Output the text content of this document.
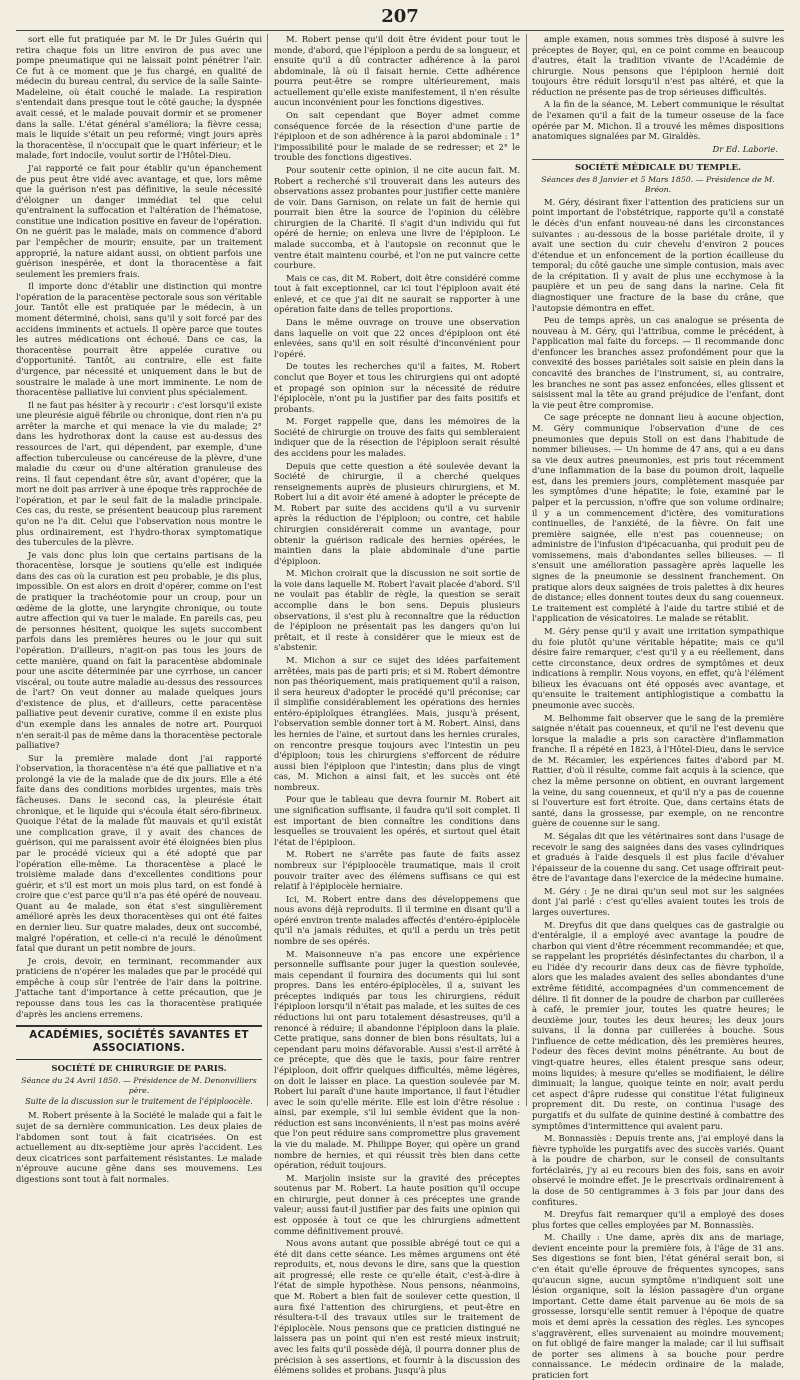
207

sort elle fut pratiquée par M. le Dr Jules Guérin qui retira chaque fois un litre environ de pus avec une pompe pneumatique qui ne laissait point pénétrer l'air. Ce fut à ce moment que je fus chargé, en qualité de médecin du bureau central, du service de la salle Sainte-Madeleine, où était couché le malade. La respiration s'entendait dans presque tout le côté gauche; la dyspnée avait cessé, et le malade pouvait dormir et se promener dans la salle. L'état général s'améliora; la fièvre cessa; mais le liquide s'était un peu reformé; vingt jours après la thoracentèse, il n'occupait que le quart inférieur; et le malade, fort indocile, voulut sortir de l'Hôtel-Dieu.

J'ai rapporté ce fait pour établir qu'un épanchement de pus peut être vidé avec avantage, et que, lors même que la guérison n'est pas définitive, la seule nécessité d'éloigner un danger immédiat tel que celui qu'entrainent la suffocation et l'altération de l'hématose, constitue une indication positive en faveur de l'opération. On ne guérit pas le malade, mais on commence d'abord par l'empêcher de mourir; ensuite, par un traitement approprié, la nature aidant aussi, on obtient parfois une guérison inespérée, et dont la thoracentèse a fait seulement les premiers frais.

Il importe donc d'établir une distinction qui montre l'opération de la paracentèse pectorale sous son véritable jour. Tantôt elle est pratiquée par le médecin, à un moment déterminé, choisi, sans qu'il y soit forcé par des accidens imminents et actuels. Il opère parce que toutes les autres médications ont échoué. Dans ce cas, la thoracentèse pourrait être appelée curative ou d'opportunité. Tantôt, au contraire, elle est faite d'urgence, par nécessité et uniquement dans le but de soustraire le malade à une mort imminente. Le nom de thoracentèse palliative lui convient plus spécialement.

Il ne faut pas hésiter à y recourir : c'est lorsqu'il existe une pleurésie aiguë fébrile ou chronique, dont rien n'a pu arrêter la marche et qui menace la vie du malade; 2° dans les hydrothorax dont la cause est au-dessus des ressources de l'art, qui dépendent, par exemple, d'une affection tuberculeuse ou cancéreuse de la plèvre, d'une maladie du cœur ou d'une altération granuleuse des reins. Il faut cependant être sûr, avant d'opérer, que la mort ne doit pas arriver à une époque très rapprochée de l'opération, et par le seul fait de la maladie principale. Ces cas, du reste, se présentent beaucoup plus rarement qu'on ne l'a dit. Celui que l'observation nous montre le plus ordinairement, est l'hydro-thorax symptomatique des tubercules de la plèvre.

Je vais donc plus loin que certains partisans de la thoracentèse, lorsque je soutiens qu'elle est indiquée dans des cas où la curation est peu probable, je dis plus, impossible. On est alors en droit d'opérer, comme on l'est de pratiquer la trachéotomie pour un croup, pour un œdème de la glotte, une laryngite chronique, ou toute autre affection qui va tuer le malade. En pareils cas, peu de personnes hésitent, quoique les sujets succombent parfois dans les premières heures ou le jour qui suit l'opération. D'ailleurs, n'agit-on pas tous les jours de cette manière, quand on fait la paracentèse abdominale pour une ascite déterminée par une cyrrhose, un cancer viscéral, ou toute autre maladie au-dessus des ressources de l'art? On veut donner au malade quelques jours d'existence de plus, et d'ailleurs, cette paracentèse palliative peut devenir curative, comme il en existe plus d'un exemple dans les annales de notre art. Pourquoi n'en serait-il pas de même dans la thoracentèse pectorale palliative?

Sur la première malade dont j'ai rapporté l'observation, la thoracentèse n'a été que palliative et n'a prolongé la vie de la malade que de dix jours. Elle a été faite dans des conditions morbides urgentes, mais très fâcheuses. Dans le second cas, la pleurésie était chronique, et le liquide qui s'écoula était séro-fibrineux. Quoique l'état de la malade fût mauvais et qu'il existât une complication grave, il y avait des chances de guérison, qui me paraissent avoir été éloignées bien plus par le procédé vicieux qui a été adopté que par l'opération elle-même. La thoracentèse a placé le troisième malade dans d'excellentes conditions pour guérir, et s'il est mort un mois plus tard, on est fondé à croire que c'est parce qu'il n'a pas été opéré de nouveau. Quant au 4e malade, son état s'est singulièrement amélioré après les deux thoracentèses qui ont été faites en dernier lieu. Sur quatre malades, deux ont succombé, malgré l'opération, et celle-ci n'a reculé le dénoûment fatal que durant un petit nombre de jours.

Je crois, devoir, en terminant, recommander aux praticiens de n'opérer les malades que par le procédé qui empêche à coup sûr l'entrée de l'air dans la poitrine. J'attache tant d'importance à cette précaution, que je repousse dans tous les cas la thoracentèse pratiquée d'après les anciens erremens.

ACADÉMIES, SOCIÉTÉS SAVANTES ET ASSOCIATIONS.
SOCIÉTÉ DE CHIRURGIE DE PARIS.
Séance du 24 Avril 1850. — Présidence de M. Denonvilliers père.
Suite de la discussion sur le traitement de l'épiploocèle.

M. Robert présente à la Société le malade qui a fait le sujet de sa dernière communication. Les deux plaies de l'abdomen sont tout à fait cicatrisées. On est actuellement au dix-septième jour après l'accident. Les deux cicatrices sont parfaitement résistantes. Le malade n'éprouve aucune gêne dans ses mouvemens. Les digestions sont tout à fait normales.

M. Robert pense qu'il doit être évident pour tout le monde, d'abord, que l'épiploon a perdu de sa longueur, et ensuite qu'il a dû contracter adhérence à la paroi abdominale, là où il faisait hernie. Cette adhérence pourra peut-être se rompre ultérieurement, mais actuellement qu'elle existe manifestement, il n'en résulte aucun inconvénient pour les fonctions digestives.

On sait cependant que Boyer admet comme conséquence forcée de la résection d'une partie de l'épiploon et de son adhérence à la paroi abdominale : 1° l'impossibilité pour le malade de se redresser; et 2° le trouble des fonctions digestives.

Pour soutenir cette opinion, il ne cite aucun fait. M. Robert a recherché s'il trouverait dans les auteurs des observations assez probantes pour justifier cette manière de voir. Dans Garnison, on relate un fait de hernie qui pourrait bien être la source de l'opinion du célèbre chirurgien de la Charité. Il s'agit d'un individu qui fut opéré de hernie; on enleva une livre de l'épiploon. Le malade succomba, et à l'autopsie on reconnut que le ventre était maintenu courbé, et l'on ne put vaincre cette courbure.

Mais ce cas, dit M. Robert, doit être considéré comme tout à fait exceptionnel, car ici tout l'épiploon avait été enlevé, et ce que j'ai dit ne saurait se rapporter à une opération faite dans de telles proportions.

Dans le même ouvrage on trouve une observation dans laquelle on voit que 22 onces d'épiploon ont été enlevées, sans qu'il en soit résulté d'inconvénient pour l'opéré.

De toutes les recherches qu'il a faites, M. Robert conclut que Boyer et tous les chirurgiens qui ont adopté et propagé son opinion sur la nécessité de réduire l'épiplocèle, n'ont pu la justifier par des faits positifs et probants.

M. Forget rappelle que, dans les mémoires de la Société de chirurgie on trouve des faits qui sembleraient indiquer que de la résection de l'épiploon serait résulté des accidens pour les malades.

Depuis que cette question a été soulevée devant la Société de chirurgie, il a cherché quelques renseignements auprès de plusieurs chirurgiens, et M. Robert lui a dit avoir été amené à adopter le précepte de M. Robert par suite des accidens qu'il a vu survenir après la réduction de l'épiploon; ou contre, cet habile chirurgien considérerait comme un avantage, pour obtenir la guérison radicale des hernies opérées, le maintien dans la plaie abdominale d'une partie d'épiploon.

M. Michon croirait que la discussion ne soit sortie de la voie dans laquelle M. Robert l'avait placée d'abord. S'il ne voulait pas établir de règle, la question se serait accomplie dans le bon sens. Depuis plusieurs observations, il s'est plu à reconnaître que la réduction de l'épiploon ne présentait pas les dangers qu'on lui prêtait, et il reste à considérer que le mieux est de s'abstenir.

M. Michon a sur ce sujet des idées parfaitement arrêtées, mais pas de parti pris; et si M. Robert démontre non pas théoriquement, mais pratiquement qu'il a raison, il sera heureux d'adopter le procédé qu'il préconise; car il simplifie considérablement les opérations des hernies entéro-épiploïques étranglées. Mais, jusqu'à présent, l'observation semble donner tort à M. Robert. Ainsi, dans les hernies de l'aine, et surtout dans les hernies crurales, on rencontre presque toujours avec l'intestin un peu d'épiploon; tous les chirurgiens s'efforcent de réduire aussi bien l'épiploon que l'intestin; dans plus de vingt cas, M. Michon a ainsi fait, et les succès ont été nombreux.

Pour que le tableau que devra fournir M. Robert ait une signification suffisante, il faudra qu'il soit complet. Il est important de bien connaître les conditions dans lesquelles se trouvaient les opérés, et surtout quel était l'état de l'épiploon.

M. Robert ne s'arrête pas faute de faits assez nombreux sur l'épiploocèle traumatique, mais il croit pouvoir traiter avec des élémens suffisans ce qui est relatif à l'épiplocèle herniaire.

Ici, M. Robert entre dans des développemens que nous avons déjà reproduits. Il il termine en disant qu'il a opéré environ trente malades affectés d'entéro-épiplocèle qu'il n'a jamais réduites, et qu'il a perdu un très petit nombre de ses opérés.

M. Maisonneuve n'a pas encore une expérience personnelle suffisante pour juger la question soulevée, mais cependant il fournira des documents qui lui sont propres. Dans les entéro-épiplocèles, il a, suivant les préceptes indiqués par tous les chirurgiens, réduit l'épiploon lorsqu'il n'était pas malade, et les suites de ces réductions lui ont paru totalement désastreuses, qu'il a renoncé à réduire; il abandonne l'épiploon dans la plaie. Cette pratique, sans donner de bien bons résultats, lui a cependant paru moins défavorable. Aussi s'est-il arrêté à ce précepte, que dès que le taxis, pour faire rentrer l'épiploon, doit offrir quelques difficultés, même légères, on doit le laisser en place. La question soulevée par M. Robert lui paraît d'une haute importance, il faut l'étudier avec le soin qu'elle mérite. Elle est loin d'être résolue : ainsi, par exemple, s'il lui semble évident que la non-réduction est sans inconvénients, il n'est pas moins avéré que l'on peut réduire sans compromettre plus gravement la vie du malade. M. Philippe Boyer, qui opère un grand nombre de hernies, et qui réussit très bien dans cette opération, réduit toujours.

M. Marjolin insiste sur la gravité des préceptes soutenus par M. Robert. La haute position qu'il occupe en chirurgie, peut donner à ces préceptes une grande valeur; aussi faut-il justifier par des faits une opinion qui est opposée à tout ce que les chirurgiens admettent comme définitivement prouvé.

Nous avons autant que possible abrégé tout ce qui a été dit dans cette séance. Les mêmes argumens ont été reproduits, et, nous devons le dire, sans que la question ait progressé; elle reste ce qu'elle était, c'est-à-dire à l'état de simple hypothèse. Nous pensons, néanmoins, que M. Robert a bien fait de soulever cette question, il aura fixé l'attention des chirurgiens, et peut-être en résultera-t-il des travaux utiles sur le traitement de l'épiplocèle. Nous pensons que ce praticien distingué ne laissera pas un point qui n'en est resté mieux instruit; avec les faits qu'il possède déjà, il pourra donner plus de précision à ses assertions, et fournir à la discussion des élémens solides et probans. Jusqu'à plus

ample examen, nous sommes très disposé à suivre les préceptes de Boyer, qui, en ce point comme en beaucoup d'autres, était la tradition vivante de l'Académie de chirurgie. Nous pensons que l'épiploon hernié doit toujours être réduit lorsqu'il n'est pas altéré, et que la réduction ne présente pas de trop sérieuses difficultés.

A la fin de la séance, M. Lebert communique le résultat de l'examen qu'il a fait de la tumeur osseuse de la face opérée par M. Michon. Il a trouvé les mêmes dispositions anatomiques signalées par M. Giraldès.

Dr Ed. Laborie.
SOCIÉTÉ MÉDICALE DU TEMPLE.
Séances des 8 Janvier et 5 Mars 1850. — Présidence de M. Bréon.

M. Géry, désirant fixer l'attention des praticiens sur un point important de l'obstétrique, rapporte qu'il a constaté le décès d'un enfant nouveau-né dans les circonstances suivantes : au-dessous de la bosse pariétale droite, il y avait une section du cuir chevelu d'environ 2 pouces d'étendue et un enfoncement de la portion écailleuse du temporal; du côté gauche une simple contusion, mais avec de la crépitation. Il y avait de plus une ecchymose à la paupière et un peu de sang dans la narine. Cela fit diagnostiquer une fracture de la base du crâne, que l'autopsie démontra en effet.

Peu de temps après, un cas analogue se présenta de nouveau à M. Géry, qui l'attribua, comme le précédent, à l'application mal faite du forceps. — Il recommande donc d'enfoncer les branches assez profondément pour que la convexité des bosses pariétales soit saisie en plein dans la concavité des branches de l'instrument, si, au contraire, les branches ne sont pas assez enfoncées, elles glissent et saisissent mal la tête au grand préjudice de l'enfant, dont la vie peut être compromise.

Ce sage précepte ne donnant lieu à aucune objection, M. Géry communique l'observation d'une de ces pneumonies que depuis Stoll on est dans l'habitude de nommer bilieuses. — Un homme de 47 ans, qui a eu dans sa vie deux autres pneumonies, est pris tout récemment d'une inflammation de la base du poumon droit, laquelle est, dans les premiers jours, complètement masquée par les symptômes d'une hépatite; le foie, examiné par le palper et la percussion, n'offre que son volume ordinaire; il y a un commencement d'ictère, des vomiturations continuelles, de l'anxiété, de la fièvre. On fait une première saignée, elle n'est pas couenneuse; on administre de l'infusion d'ipécacuanha, qui produit peu de vomissemens, mais d'abondantes selles bilieuses. — Il s'ensuit une amélioration passagère après laquelle les signes de la pneumonie se dessinent franchement. On pratique alors deux saignées de trois palettes à dix heures de distance; elles donnent toutes deux du sang couenneux. Le traitement est complété à l'aide du tartre stibié et de l'application de vésicatoires. Le malade se rétablit.

M. Géry pense qu'il y avait une irritation sympathique du foie plutôt qu'une véritable hépatite; mais ce qu'il désire faire remarquer, c'est qu'il y a eu réellement, dans cette circonstance, deux ordres de symptômes et deux indications à remplir. Nous voyons, en effet, qu'à l'élément bilieux les évacuans ont été opposés avec avantage, et qu'ensuite le traitement antiphlogistique a combattu la pneumonie avec succès.

M. Belhomme fait observer que le sang de la première saignée n'était pas couenneux, et qu'il ne l'est devenu que lorsque la maladie a pris son caractère d'inflammation franche. Il a répété en 1823, à l'Hôtel-Dieu, dans le service de M. Récamier, les expériences faites d'abord par M. Rattier, d'où il résulte, comme fait acquis à la science, que chez la même personne on obtient, en ouvrant largement la veine, du sang couenneux, et qu'il n'y a pas de couenne si l'ouverture est fort étroite. Que, dans certains états de santé, dans la grossesse, par exemple, on ne rencontre guère de couenne sur le sang.

M. Ségalas dit que les vétérinaires sont dans l'usage de recevoir le sang des saignées dans des vases cylindriques et gradués à l'aide desquels il est plus facile d'évaluer l'épaisseur de la couenne du sang. Cet usage offrirait peut-être de l'avantage dans l'exercice de la médecine humaine.

M. Géry : Je ne dirai qu'un seul mot sur les saignées dont j'ai parlé : c'est qu'elles avaient toutes les trois de larges ouvertures.

M. Dreyfus dit que dans quelques cas de gastralgie ou d'entéralgie, il a employé avec avantage la poudre de charbon qui vient d'être récemment recommandée; et que, se rappelant les propriétés désinfectantes du charbon, il a eu l'idée d'y recourir dans deux cas de fièvre typhoïde, alors que les malades avaient des selles abondantes d'une extrême fétidité, accompagnées d'un commencement de délire. Il fit donner de la poudre de charbon par cuillerées à café, le premier jour, toutes les quatre heures; le deuxième jour, toutes les deux heures; les deux jours suivans, il la donna par cuillerées à bouche. Sous l'influence de cette médication, dès les premières heures, l'odeur des fèces devint moins pénétrante. Au bout de vingt-quatre heures, elles étaient presque sans odeur, moins liquides; à mesure qu'elles se modifiaient, le délire diminuait; la langue, quoique teinte en noir, avait perdu cet aspect d'âpre rudesse qui constitue l'état fuligineux proprement dit. Du reste, on continua l'usage des purgatifs et du sulfate de quinine destiné à combattre des symptômes d'intermittence qui avaient paru.

M. Bonnassiès : Depuis trente ans, j'ai employé dans la fièvre typhoïde les purgatifs avec des succès variés. Quant à la poudre de charbon, sur le conseil de consultants fortéclairés, j'y ai eu recours bien des fois, sans en avoir observé le moindre effet. Je le prescrivais ordinairement à la dose de 50 centigrammes à 3 fois par jour dans des confitures.

M. Dreyfus fait remarquer qu'il a employé des doses plus fortes que celles employées par M. Bonnassiès.

M. Chailly : Une dame, après dix ans de mariage, devient enceinte pour la première fois, à l'âge de 31 ans. Ses digestions se font bien, l'état général serait bon, si c'en était qu'elle éprouve de fréquentes syncopes, sans qu'aucun signe, aucun symptôme n'indiquent soit une lésion organique, soit la lésion passagère d'un organe important. Cette dame était parvenue au 6e mois de sa grossesse, lorsqu'elle sentit remuer à l'époque de quatre mois et demi après la cessation des règles. Les syncopes s'aggravèrent, elles survenaient au moindre mouvement; on fut obligé de faire manger la malade; car il lui suffisait de porter ses alimens à sa bouche pour perdre connaissance. Le médecin ordinaire de la malade, praticien fort
